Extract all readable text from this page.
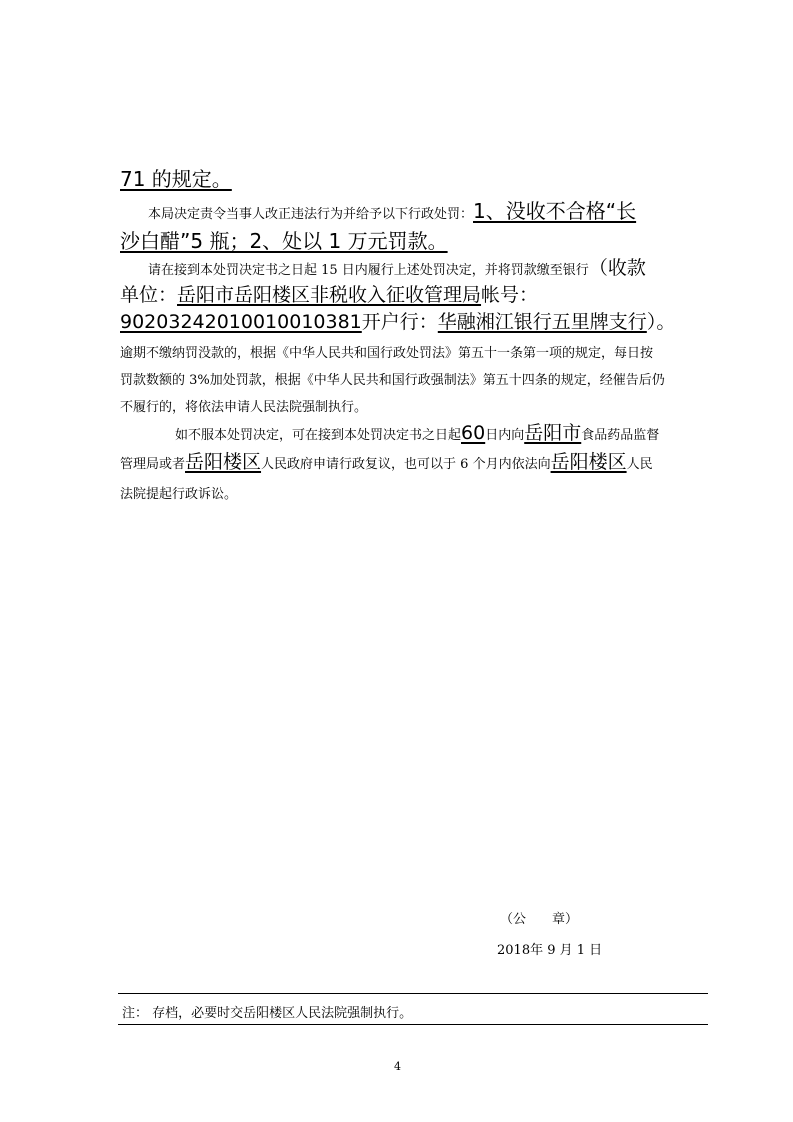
71 的规定。
本局决定责令当事人改正违法行为并给予以下行政处罚：1、没收不合格“长
沙白醋”5 瓶；2、处以 1 万元罚款。
请在接到本处罚决定书之日起 15 日内履行上述处罚决定，并将罚款缴至银行（收款
单位：岳阳市岳阳楼区非税收入征收管理局帐号：
90203242010010010381开户行：华融湘江银行五里牌支行）。
逾期不缴纳罚没款的，根据《中华人民共和国行政处罚法》第五十一条第一项的规定，每日按
罚款数额的 3%加处罚款，根据《中华人民共和国行政强制法》第五十四条的规定，经催告后仍
不履行的，将依法申请人民法院强制执行。
如不服本处罚决定，可在接到本处罚决定书之日起60日内向岳阳市食品药品监督
管理局或者岳阳楼区人民政府申请行政复议，也可以于 6 个月内依法向岳阳楼区人民
法院提起行政诉讼。
（公　　章）
2018年 9 月 1 日
注： 存档，必要时交岳阳楼区人民法院强制执行。
4
